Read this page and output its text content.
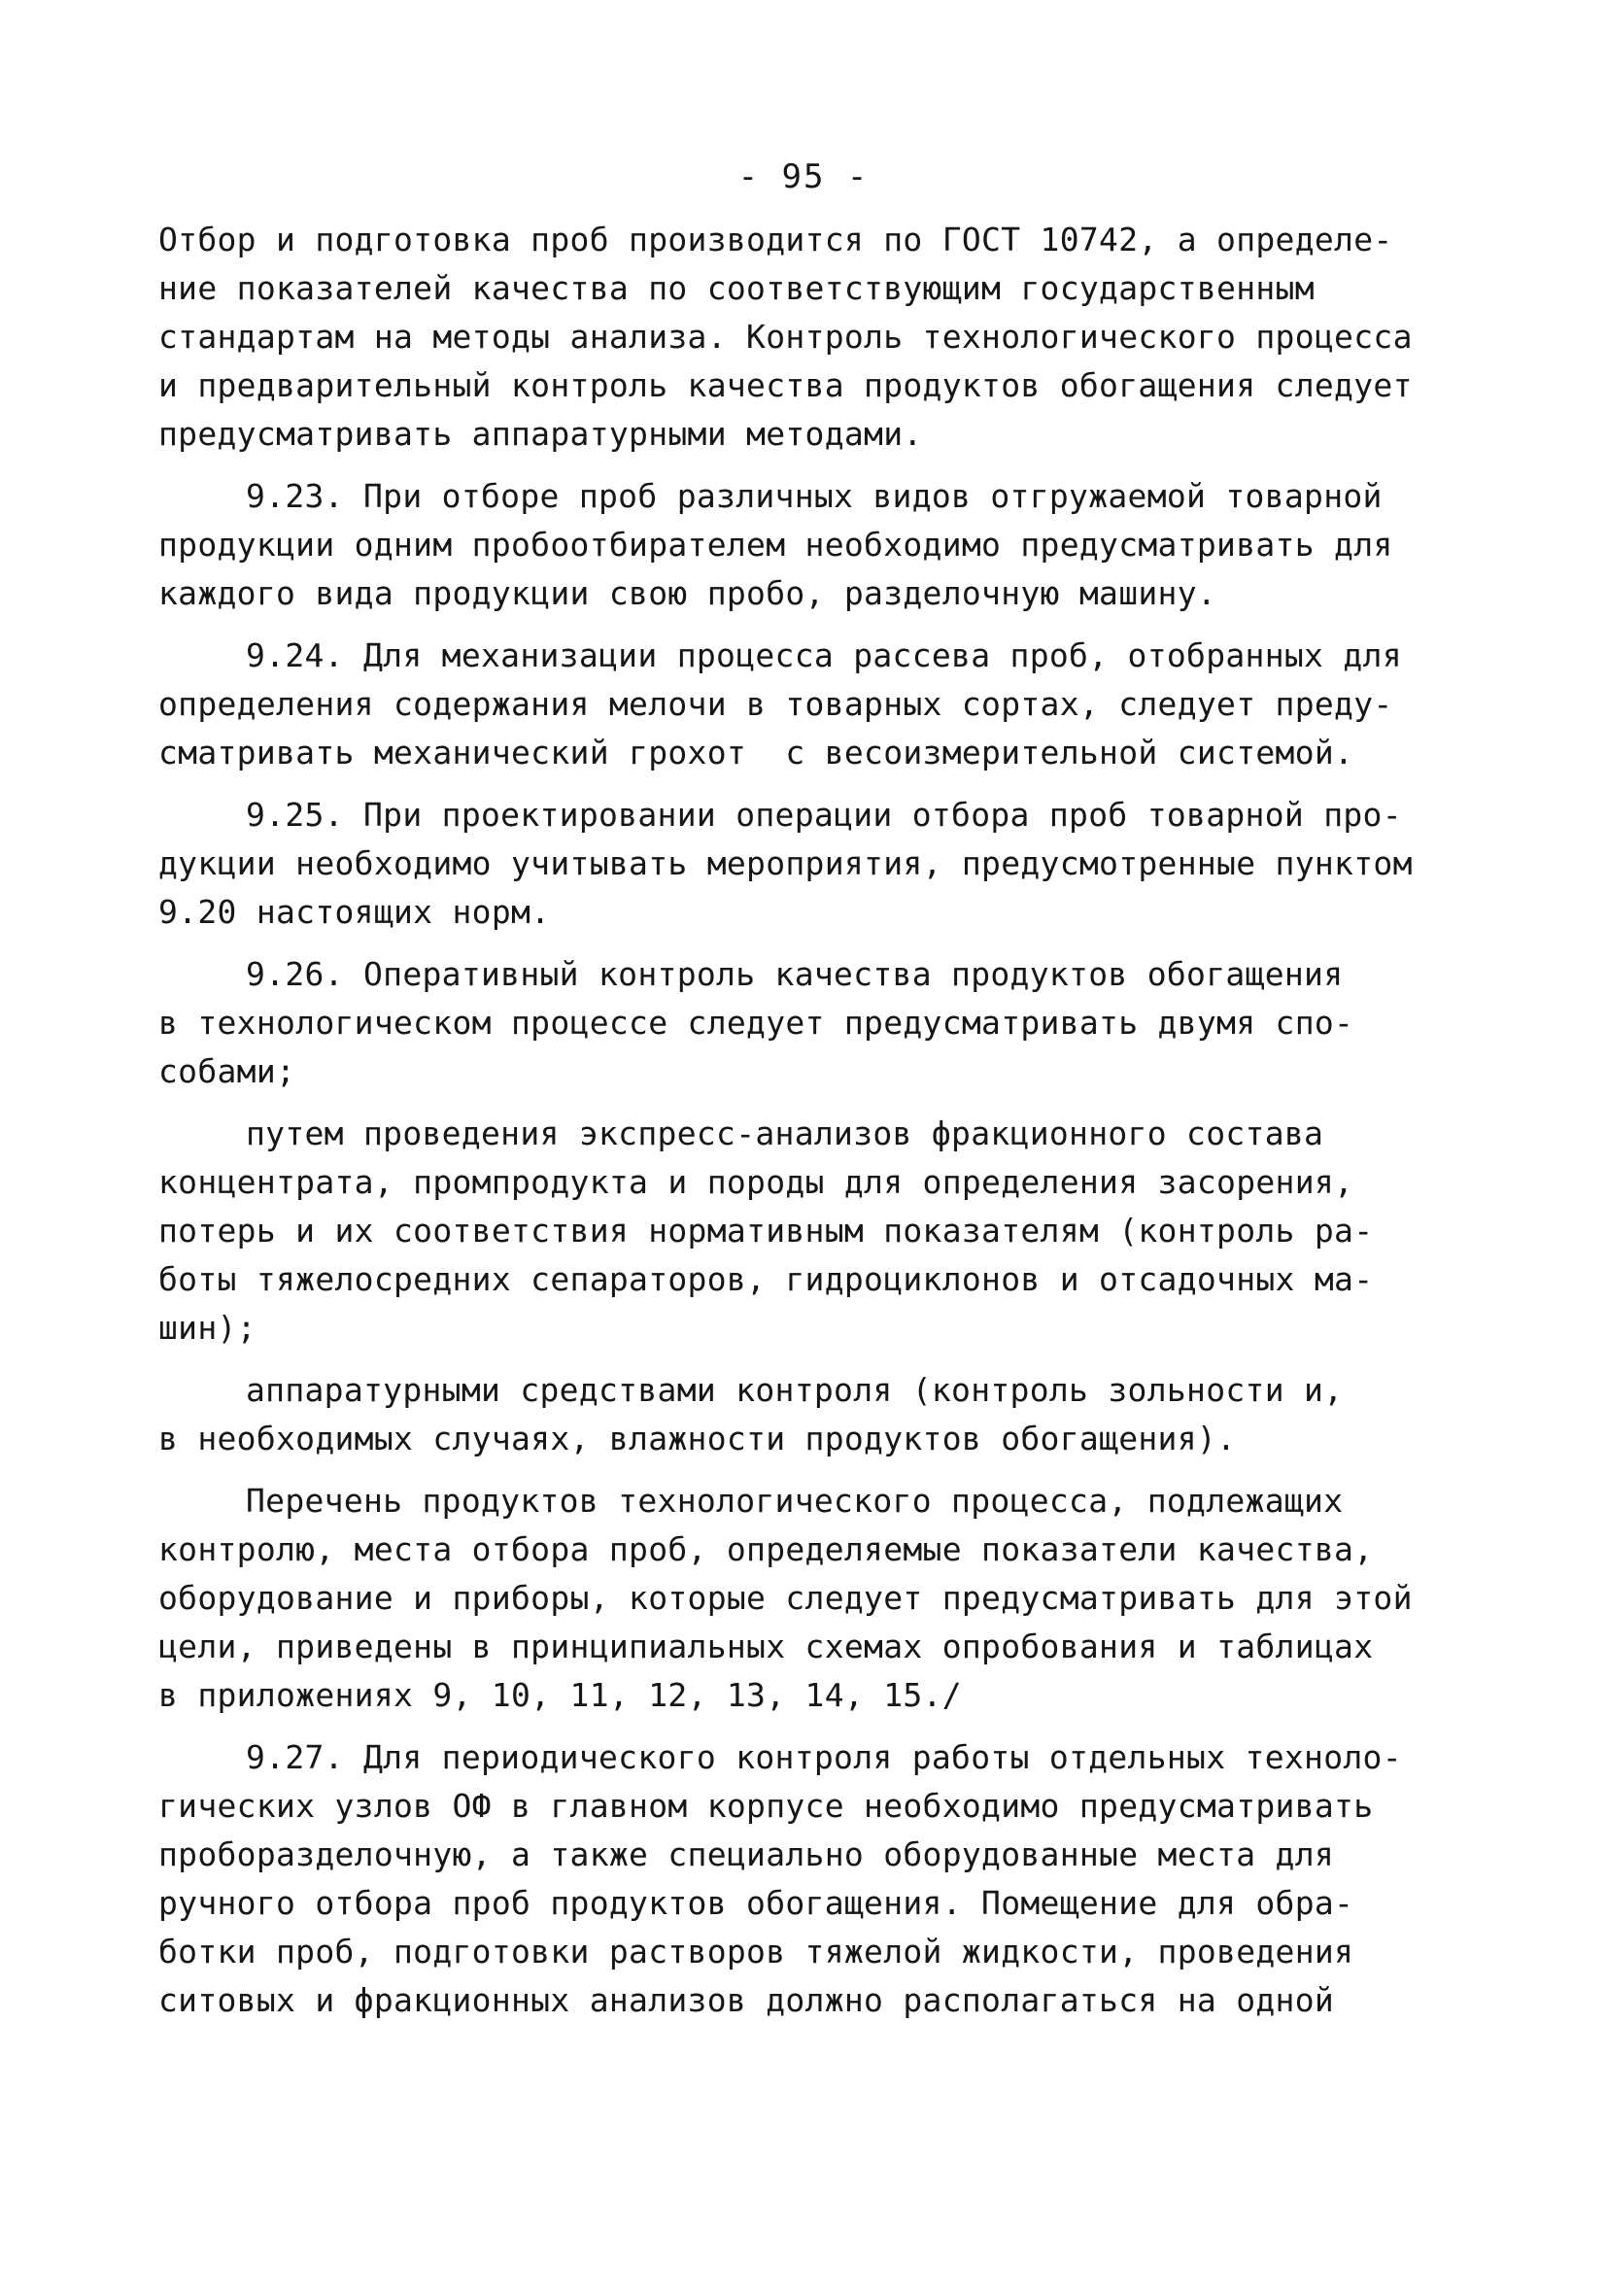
- 95 -
Отбор и подготовка проб производится по ГОСТ 10742, а определе-
ние показателей качества по соответствующим государственным
стандартам на методы анализа. Контроль технологического процесса
и предварительный контроль качества продуктов обогащения следует
предусматривать аппаратурными методами.
9.23. При отборе проб различных видов отгружаемой товарной
продукции одним пробоотбирателем необходимо предусматривать для
каждого вида продукции свою пробо, разделочную машину.
9.24. Для механизации процесса рассева проб, отобранных для
определения содержания мелочи в товарных сортах, следует преду-
сматривать механический грохот  с весоизмерительной системой.
9.25. При проектировании операции отбора проб товарной про-
дукции необходимо учитывать мероприятия, предусмотренные пунктом
9.20 настоящих норм.
9.26. Оперативный контроль качества продуктов обогащения
в технологическом процессе следует предусматривать двумя спо-
собами;
путем проведения экспресс-анализов фракционного состава
концентрата, промпродукта и породы для определения засорения,
потерь и их соответствия нормативным показателям (контроль ра-
боты тяжелосредних сепараторов, гидроциклонов и отсадочных ма-
шин);
аппаратурными средствами контроля (контроль зольности и,
в необходимых случаях, влажности продуктов обогащения).
Перечень продуктов технологического процесса, подлежащих
контролю, места отбора проб, определяемые показатели качества,
оборудование и приборы, которые следует предусматривать для этой
цели, приведены в принципиальных схемах опробования и таблицах
в приложениях 9, 10, 11, 12, 13, 14, 15./
9.27. Для периодического контроля работы отдельных техноло-
гических узлов ОФ в главном корпусе необходимо предусматривать
пробоpазделочную, а также специально оборудованные места для
ручного отбора проб продуктов обогащения. Помещение для обра-
ботки проб, подготовки растворов тяжелой жидкости, проведения
ситовых и фракционных анализов должно располагаться на одной
